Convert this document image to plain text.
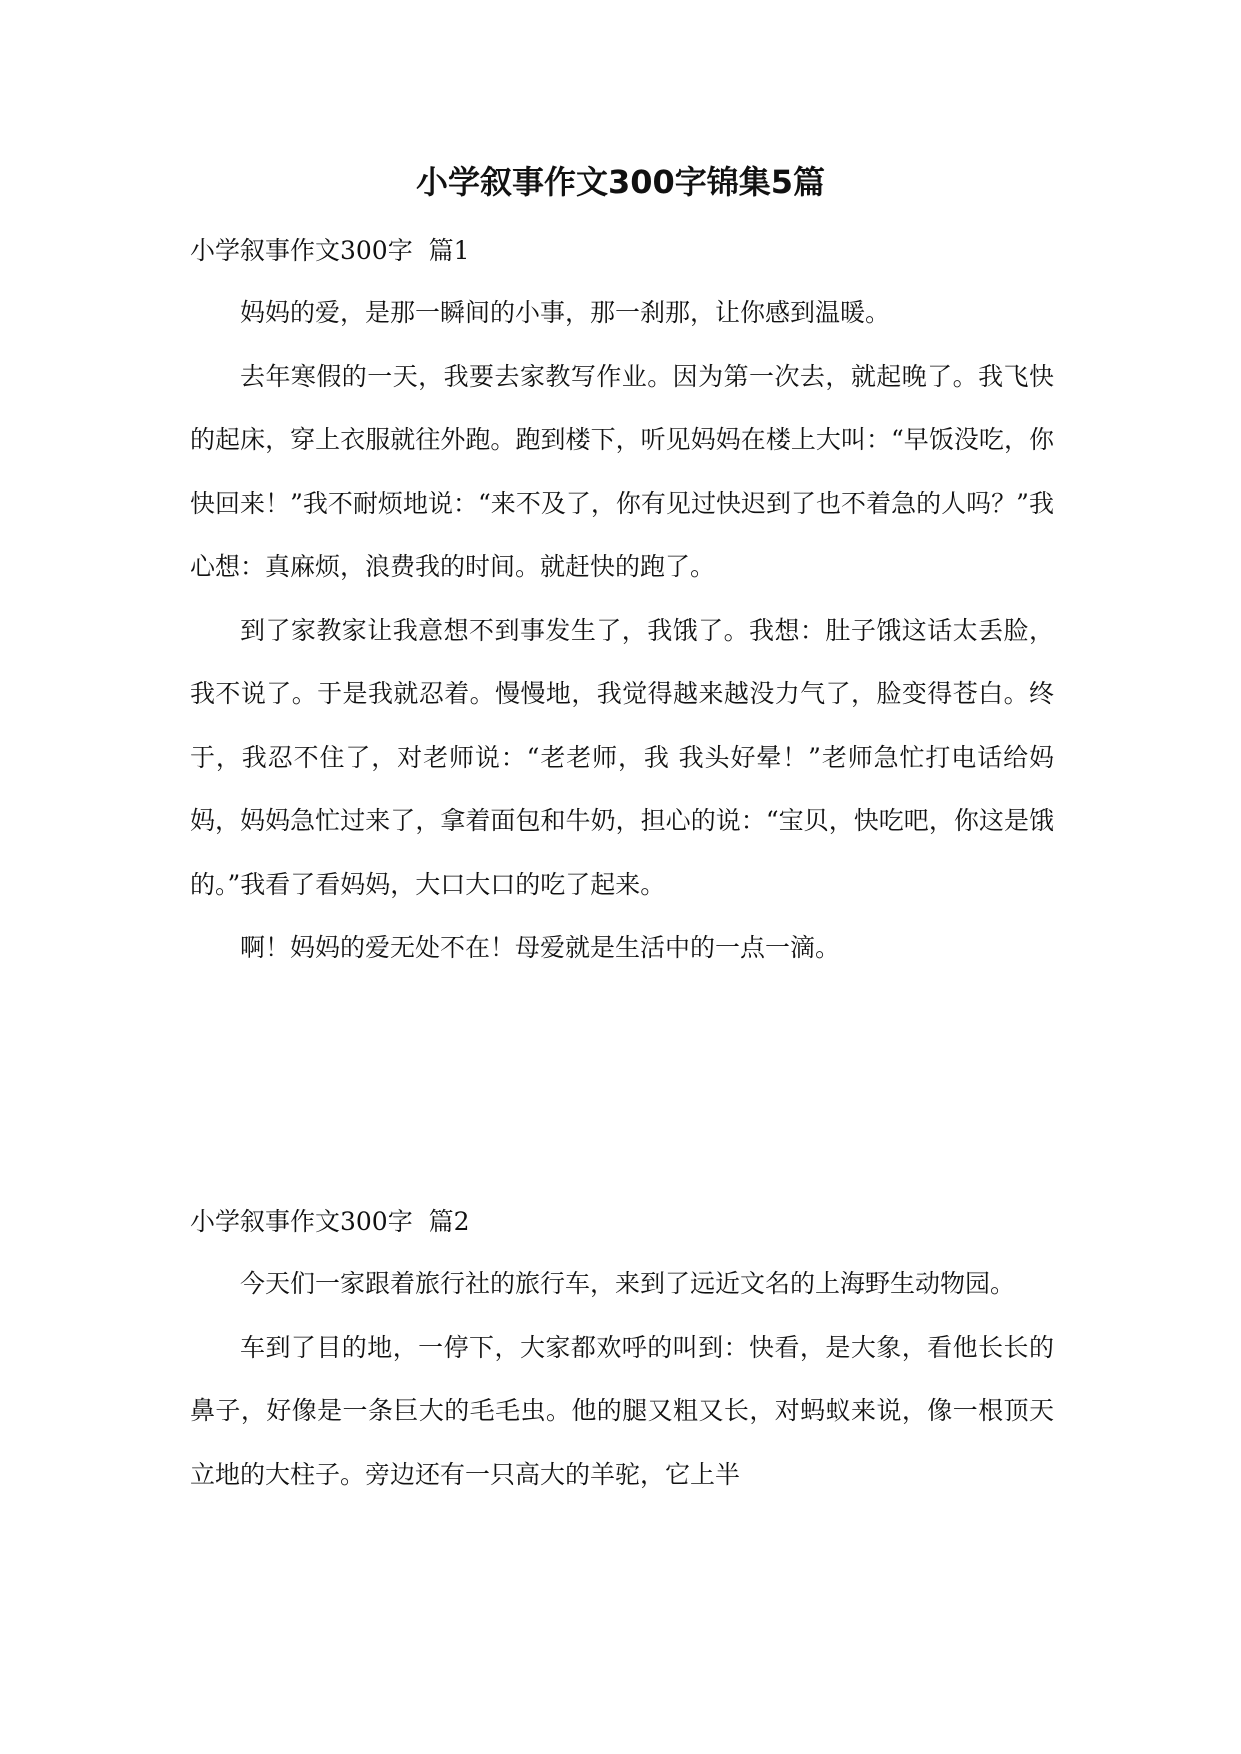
小学叙事作文300字锦集5篇
小学叙事作文300字  篇1

妈妈的爱，是那一瞬间的小事，那一刹那，让你感到温暖。

去年寒假的一天，我要去家教写作业。因为第一次去，就起晚了。我飞快的起床，穿上衣服就往外跑。跑到楼下，听见妈妈在楼上大叫：“早饭没吃，你快回来！”我不耐烦地说：“来不及了，你有见过快迟到了也不着急的人吗？”我心想：真麻烦，浪费我的时间。就赶快的跑了。

到了家教家让我意想不到事发生了，我饿了。我想：肚子饿这话太丢脸，我不说了。于是我就忍着。慢慢地，我觉得越来越没力气了，脸变得苍白。终于，我忍不住了，对老师说：“老老师，我 我头好晕！”老师急忙打电话给妈妈，妈妈急忙过来了，拿着面包和牛奶，担心的说：“宝贝，快吃吧，你这是饿的。”我看了看妈妈，大口大口的吃了起来。

啊！妈妈的爱无处不在！母爱就是生活中的一点一滴。

小学叙事作文300字  篇2

今天们一家跟着旅行社的旅行车，来到了远近文名的上海野生动物园。

车到了目的地，一停下，大家都欢呼的叫到：快看，是大象，看他长长的鼻子，好像是一条巨大的毛毛虫。他的腿又粗又长，对蚂蚁来说，像一根顶天立地的大柱子。旁边还有一只高大的羊驼，它上半
